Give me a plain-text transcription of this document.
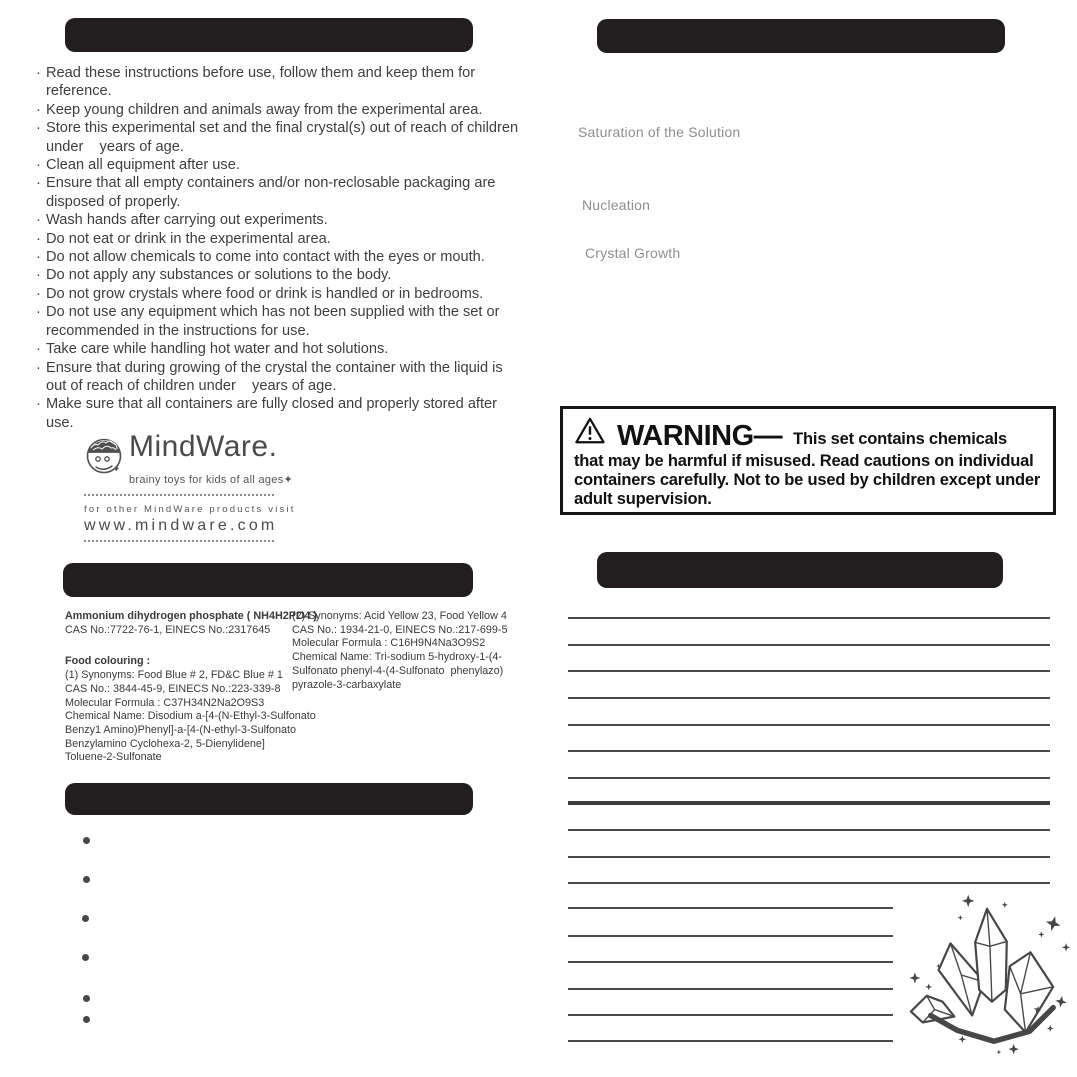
· Read these instructions before use, follow them and keep them for reference.
· Keep young children and animals away from the experimental area.
· Store this experimental set and the final crystal(s) out of reach of children under    years of age.
· Clean all equipment after use.
· Ensure that all empty containers and/or non-reclosable packaging are disposed of properly.
· Wash hands after carrying out experiments.
· Do not eat or drink in the experimental area.
· Do not allow chemicals to come into contact with the eyes or mouth.
· Do not apply any substances or solutions to the body.
· Do not grow crystals where food or drink is handled or in bedrooms.
· Do not use any equipment which has not been supplied with the set or recommended in the instructions for use.
· Take care while handling hot water and hot solutions.
· Ensure that during growing of the crystal the container with the liquid is out of reach of children under    years of age.
· Make sure that all containers are fully closed and properly stored after use.
MindWare.
brainy toys for kids of all ages✦
for other MindWare products visit
www.mindware.com
Ammonium dihydrogen phosphate ( NH4H2PO4 )
CAS No.:7722-76-1, EINECS No.:2317645
Food colouring :
(1) Synonyms: Food Blue # 2, FD&C Blue # 1
CAS No.: 3844-45-9, EINECS No.:223-339-8
Molecular Formula : C37H34N2Na2O9S3
Chemical Name: Disodium a-[4-(N-Ethyl-3-Sulfonato
Benzy1 Amino)Phenyl]-a-[4-(N-ethyl-3-Sulfonato
Benzylamino Cyclohexa-2, 5-Dienylidene]
Toluene-2-Sulfonate
(2) Synonyms: Acid Yellow 23, Food Yellow 4
CAS No.: 1934-21-0, EINECS No.:217-699-5
Molecular Formula : C16H9N4Na3O9S2
Chemical Name: Tri-sodium 5-hydroxy-1-(4-
Sulfonato phenyl-4-(4-Sulfonato  phenylazo)
pyrazole-3-carbaxylate
Saturation of the Solution
Nucleation
Crystal Growth
WARNING— This set contains chemicals
that may be harmful if misused. Read cautions on individual containers carefully. Not to be used by children except under adult supervision.
